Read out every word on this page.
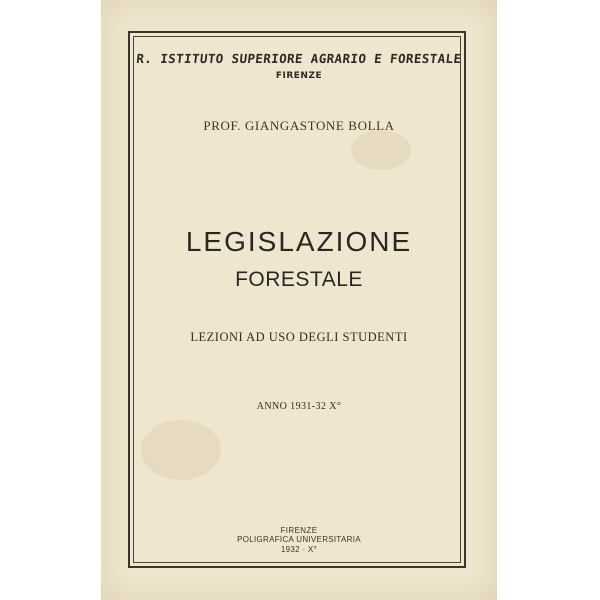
R. ISTITUTO SUPERIORE AGRARIO E FORESTALE
FIRENZE
PROF. GIANGASTONE BOLLA
LEGISLAZIONE
FORESTALE
LEZIONI AD USO DEGLI STUDENTI
ANNO 1931-32 X°
FIRENZE
POLIGRAFICA UNIVERSITARIA
1932 · X°
